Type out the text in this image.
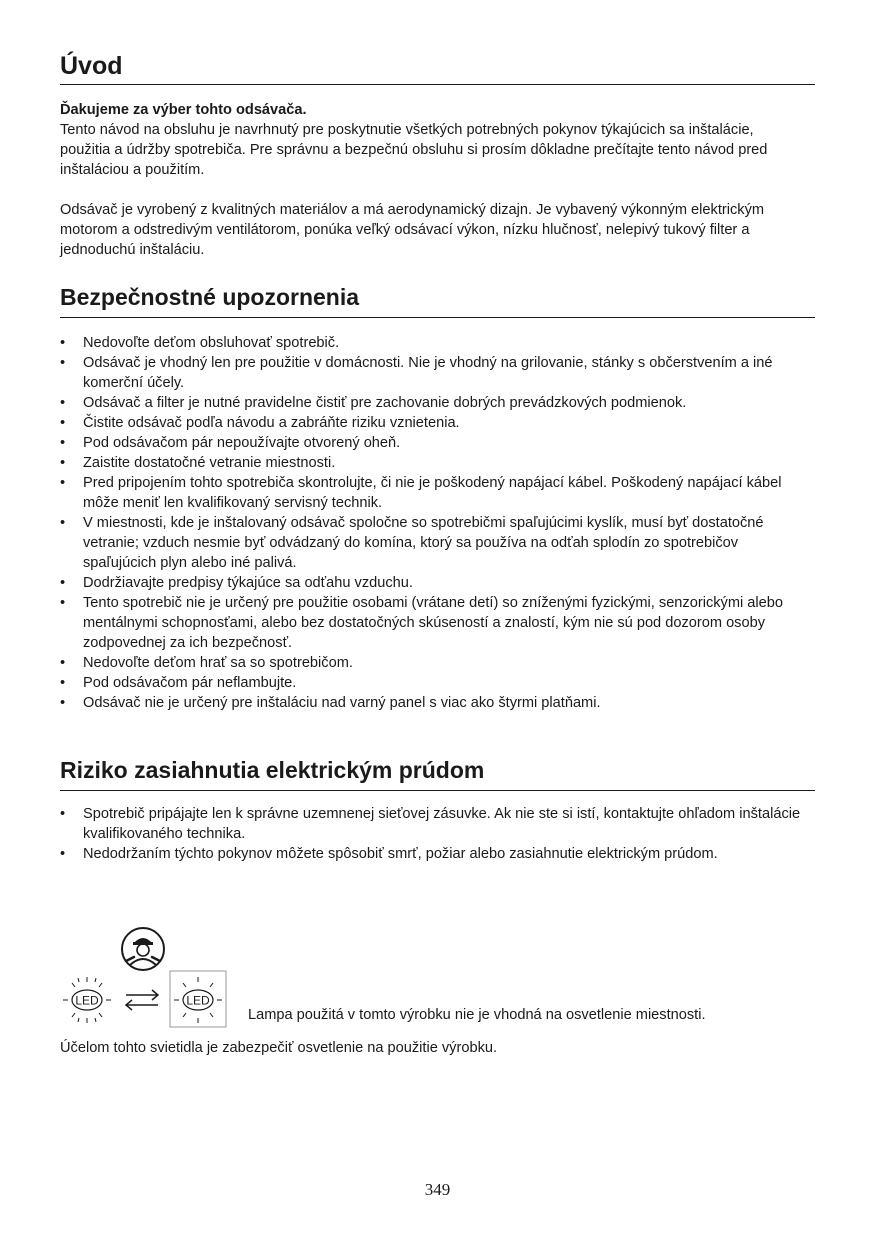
Úvod
Ďakujeme za výber tohto odsávača.

Tento návod na obsluhu je navrhnutý pre poskytnutie všetkých potrebných pokynov týkajúcich sa inštalácie, použitia a údržby spotrebiča. Pre správnu a bezpečnú obsluhu si prosím dôkladne prečítajte tento návod pred inštaláciou a použitím.

Odsávač je vyrobený z kvalitných materiálov a má aerodynamický dizajn. Je vybavený výkonným elektrickým motorom a odstredivým ventilátorom, ponúka veľký odsávací výkon, nízku hlučnosť, nelepivý tukový filter a jednoduchú inštaláciu.

Bezpečnostné upozornenia
• Nedovoľte deťom obsluhovať spotrebič.
• Odsávač je vhodný len pre použitie v domácnosti. Nie je vhodný na grilovanie, stánky s občerstvením a iné komerční účely.
• Odsávač a filter je nutné pravidelne čistiť pre zachovanie dobrých prevádzkových podmienok.
• Čistite odsávač podľa návodu a zabráňte riziku vznietenia.
• Pod odsávačom pár nepoužívajte otvorený oheň.
• Zaistite dostatočné vetranie miestnosti.
• Pred pripojením tohto spotrebiča skontrolujte, či nie je poškodený napájací kábel. Poškodený napájací kábel môže meniť len kvalifikovaný servisný technik.
• V miestnosti, kde je inštalovaný odsávač spoločne so spotrebičmi spaľujúcimi kyslík, musí byť dostatočné vetranie; vzduch nesmie byť odvádzaný do komína, ktorý sa používa na odťah splodín zo spotrebičov spaľujúcich plyn alebo iné palivá.
• Dodržiavajte predpisy týkajúce sa odťahu vzduchu.
• Tento spotrebič nie je určený pre použitie osobami (vrátane detí) so zníženými fyzickými, senzorickými alebo mentálnymi schopnosťami, alebo bez dostatočných skúseností a znalostí, kým nie sú pod dozorom osoby zodpovednej za ich bezpečnosť.
• Nedovoľte deťom hrať sa so spotrebičom.
• Pod odsávačom pár neflambujte.
• Odsávač nie je určený pre inštaláciu nad varný panel s viac ako štyrmi platňami.
Riziko zasiahnutia elektrickým prúdom
• Spotrebič pripájajte len k správne uzemnenej sieťovej zásuvke. Ak nie ste si istí, kontaktujte ohľadom inštalácie kvalifikovaného technika.
• Nedodržaním týchto pokynov môžete spôsobiť smrť, požiar alebo zasiahnutie elektrickým prúdom.
LED	LED
Lampa použitá v tomto výrobku nie je vhodná na osvetlenie miestnosti.
Účelom tohto svietidla je zabezpečiť osvetlenie na použitie výrobku.
349
